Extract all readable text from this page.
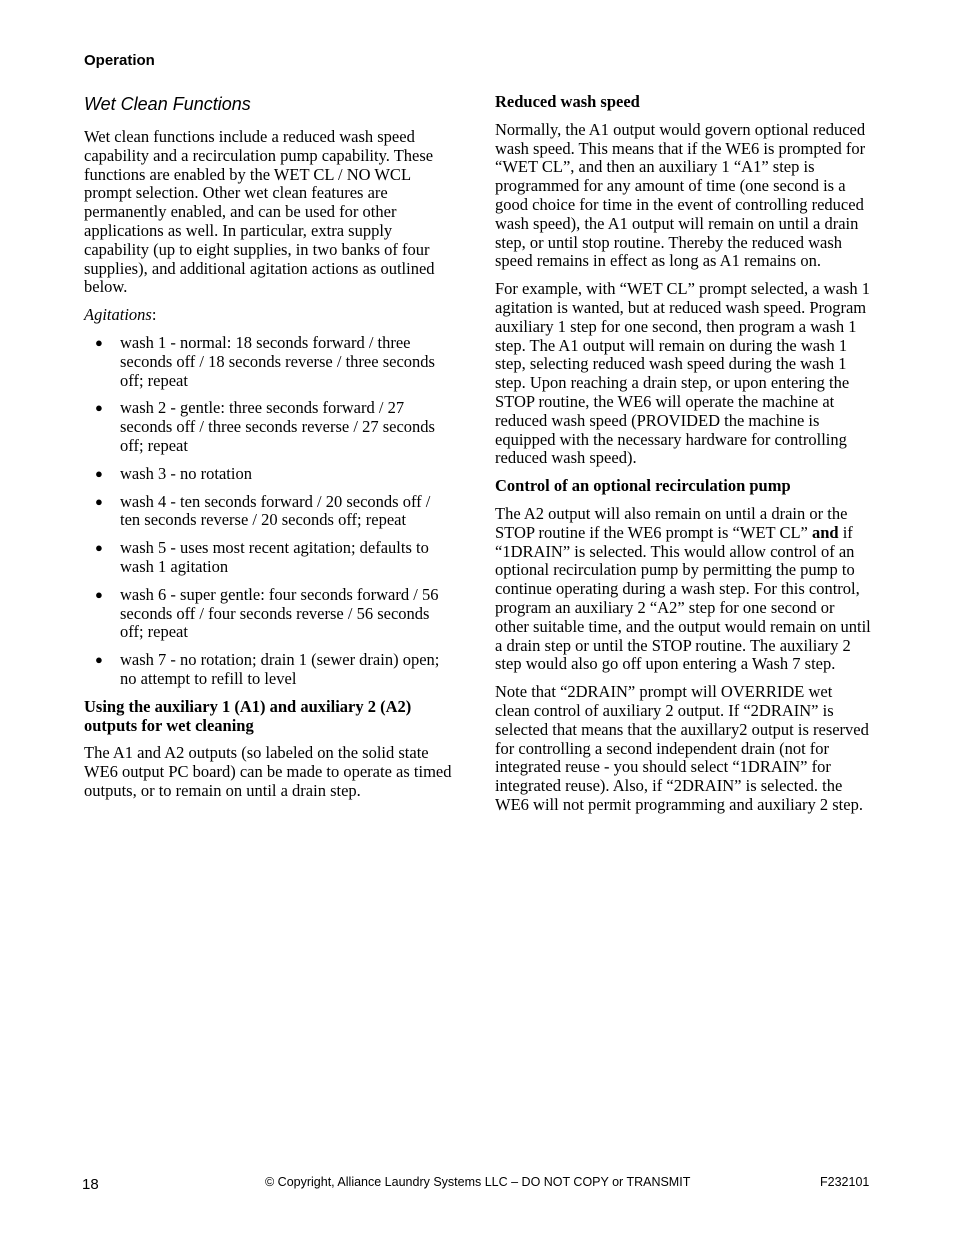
Operation
Wet Clean Functions

Wet clean functions include a reduced wash speed capability and a recirculation pump capability. These functions are enabled by the WET CL / NO WCL prompt selection. Other wet clean features are permanently enabled, and can be used for other applications as well. In particular, extra supply capability (up to eight supplies, in two banks of four supplies), and additional agitation actions as outlined below.

Agitations:

● wash 1 - normal: 18 seconds forward / three seconds off / 18 seconds reverse / three seconds off; repeat
● wash 2 - gentle: three seconds forward / 27 seconds off / three seconds reverse / 27 seconds off; repeat
● wash 3 - no rotation
● wash 4 - ten seconds forward / 20 seconds off / ten seconds reverse / 20 seconds off; repeat
● wash 5 - uses most recent agitation; defaults to wash 1 agitation
● wash 6 - super gentle: four seconds forward / 56 seconds off / four seconds reverse / 56 seconds off; repeat
● wash 7 - no rotation; drain 1 (sewer drain) open; no attempt to refill to level

Using the auxiliary 1 (A1) and auxiliary 2 (A2) outputs for wet cleaning

The A1 and A2 outputs (so labeled on the solid state WE6 output PC board) can be made to operate as timed outputs, or to remain on until a drain step.

Reduced wash speed

Normally, the A1 output would govern optional reduced wash speed. This means that if the WE6 is prompted for “WET CL”, and then an auxiliary 1 “A1” step is programmed for any amount of time (one second is a good choice for time in the event of controlling reduced wash speed), the A1 output will remain on until a drain step, or until stop routine. Thereby the reduced wash speed remains in effect as long as A1 remains on.

For example, with “WET CL” prompt selected, a wash 1 agitation is wanted, but at reduced wash speed. Program auxiliary 1 step for one second, then program a wash 1 step. The A1 output will remain on during the wash 1 step, selecting reduced wash speed during the wash 1 step. Upon reaching a drain step, or upon entering the STOP routine, the WE6 will operate the machine at reduced wash speed (PROVIDED the machine is equipped with the necessary hardware for controlling reduced wash speed).

Control of an optional recirculation pump

The A2 output will also remain on until a drain or the STOP routine if the WE6 prompt is “WET CL” and if “1DRAIN” is selected. This would allow control of an optional recirculation pump by permitting the pump to continue operating during a wash step. For this control, program an auxiliary 2 “A2” step for one second or other suitable time, and the output would remain on until a drain step or until the STOP routine. The auxiliary 2 step would also go off upon entering a Wash 7 step.

Note that “2DRAIN” prompt will OVERRIDE wet clean control of auxiliary 2 output. If “2DRAIN” is selected that means that the auxillary2 output is reserved for controlling a second independent drain (not for integrated reuse - you should select “1DRAIN” for integrated reuse). Also, if “2DRAIN” is selected. the WE6 will not permit programming and auxiliary 2 step.

18	© Copyright, Alliance Laundry Systems LLC – DO NOT COPY or TRANSMIT	F232101
